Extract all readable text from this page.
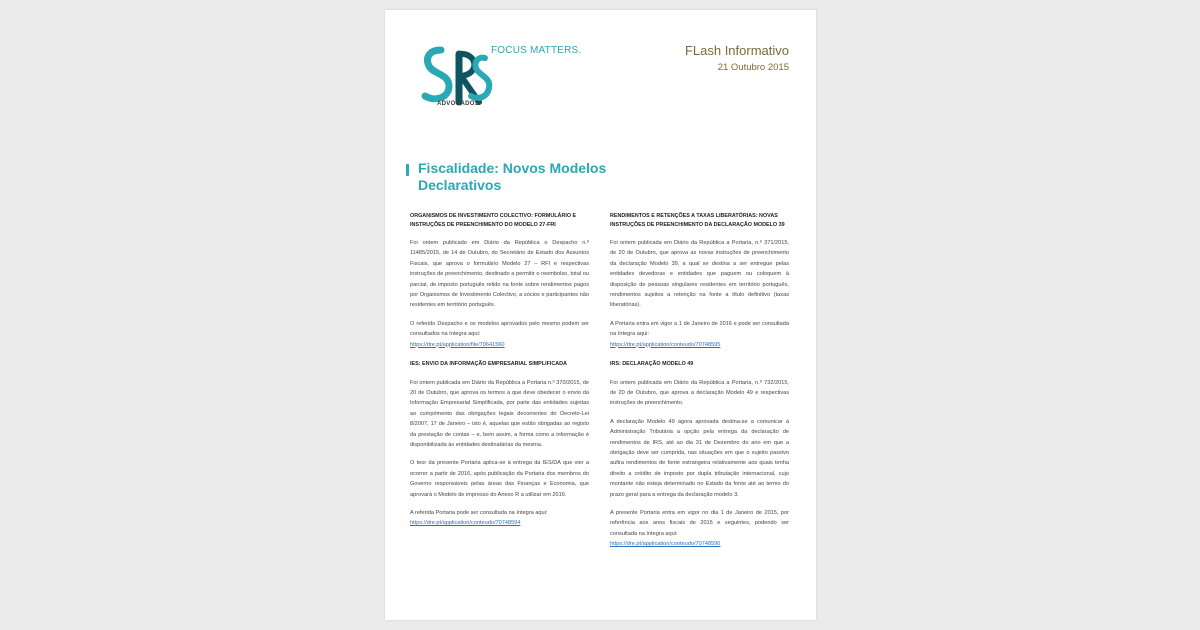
FOCUS MATTERS.
ADVOGADOS
FLash Informativo
21 Outubro 2015
Fiscalidade: Novos Modelos Declarativos

ORGANISMOS DE INVESTIMENTO COLECTIVO: FORMULÁRIO E INSTRUÇÕES DE PREENCHIMENTO DO MODELO 27-FRI

Foi ontem publicado em Diário da República o Despacho n.º 11485/2015, de 14 de Outubro, do Secretário de Estado dos Assuntos Fiscais, que aprova o formulário Modelo 27 – RFI e respectivas instruções de preenchimento, destinado a permitir o reembolso, total ou parcial, de imposto português retido na fonte sobre rendimentos pagos por Organismos de Investimento Colectivo, a sócios e participantes não residentes em território português.

O referido Despacho e os modelos aprovados pelo mesmo podem ser consultados na íntegra aqui:

https://dre.pt/application/file/70641560

IES: ENVIO DA INFORMAÇÃO EMPRESARIAL SIMPLIFICADA

Foi ontem publicada em Diário da República a Portaria n.º 370/2015, de 20 de Outubro, que aprova os termos a que deve obedecer o envio da Informação Empresarial Simplificada, por parte das entidades sujeitas ao cumprimento das obrigações legais decorrentes do Decreto-Lei 8/2007, 17 de Janeiro – isto é, aquelas que estão obrigadas ao registo da prestação de contas – e, bem assim, a forma como a informação é disponibilizada às entidades destinatárias da mesma.

O teor da presente Portaria aplica-se à entrega da IES/DA que vier a ocorrer a partir de 2016, após publicação da Portaria dos membros do Governo responsáveis pelas áreas das Finanças e Economia, que aprovará o Modelo de impresso do Anexo R a utilizar em 2016.

A referida Portaria pode ser consultada na íntegra aqui:

https://dre.pt/application/conteudo/70748594

RENDIMENTOS E RETENÇÕES A TAXAS LIBERATÓRIAS: NOVAS INSTRUÇÕES DE PREENCHIMENTO DA DECLARAÇÃO MODELO 39

Foi ontem publicada em Diário da República a Portaria, n.º 371/2015, de 20 de Outubro, que aprova as novas instruções de preenchimento da declaração Modelo 39, a qual se destina a ser entregue pelas entidades devedoras e entidades que paguem ou coloquem à disposição de pessoas singulares residentes em território português, rendimentos sujeitos a retenção na fonte a título definitivo (taxas liberatórias).

A Portaria entra em vigor a 1 de Janeiro de 2016 e pode ser consultada na íntegra aqui:

https://dre.pt/application/conteudo/70748595

IRS: DECLARAÇÃO MODELO 49

Foi ontem publicada em Diário da República a Portaria, n.º 732/2015, de 20 de Outubro, que aprova a declaração Modelo 49 e respectivas instruções de preenchimento.

A declaração Modelo 49 agora aprovada destina-se a comunicar à Administração Tributária a opção pela entrega da declaração de rendimentos de IRS, até ao dia 31 de Dezembro do ano em que a obrigação deve ser cumprida, nas situações em que o sujeito passivo aufira rendimentos de fonte estrangeira relativamente aos quais tenha direito a crédito de imposto por dupla tributação internacional, cujo montante não esteja determinado no Estado da fonte até ao termo do prazo geral para a entrega da declaração modelo 3.

A presente Portaria entra em vigor no dia 1 de Janeiro de 2015, por referência aos anos fiscais de 2015 e seguintes, podendo ser consultada na íntegra aqui:

https://dre.pt/application/conteudo/70748596
